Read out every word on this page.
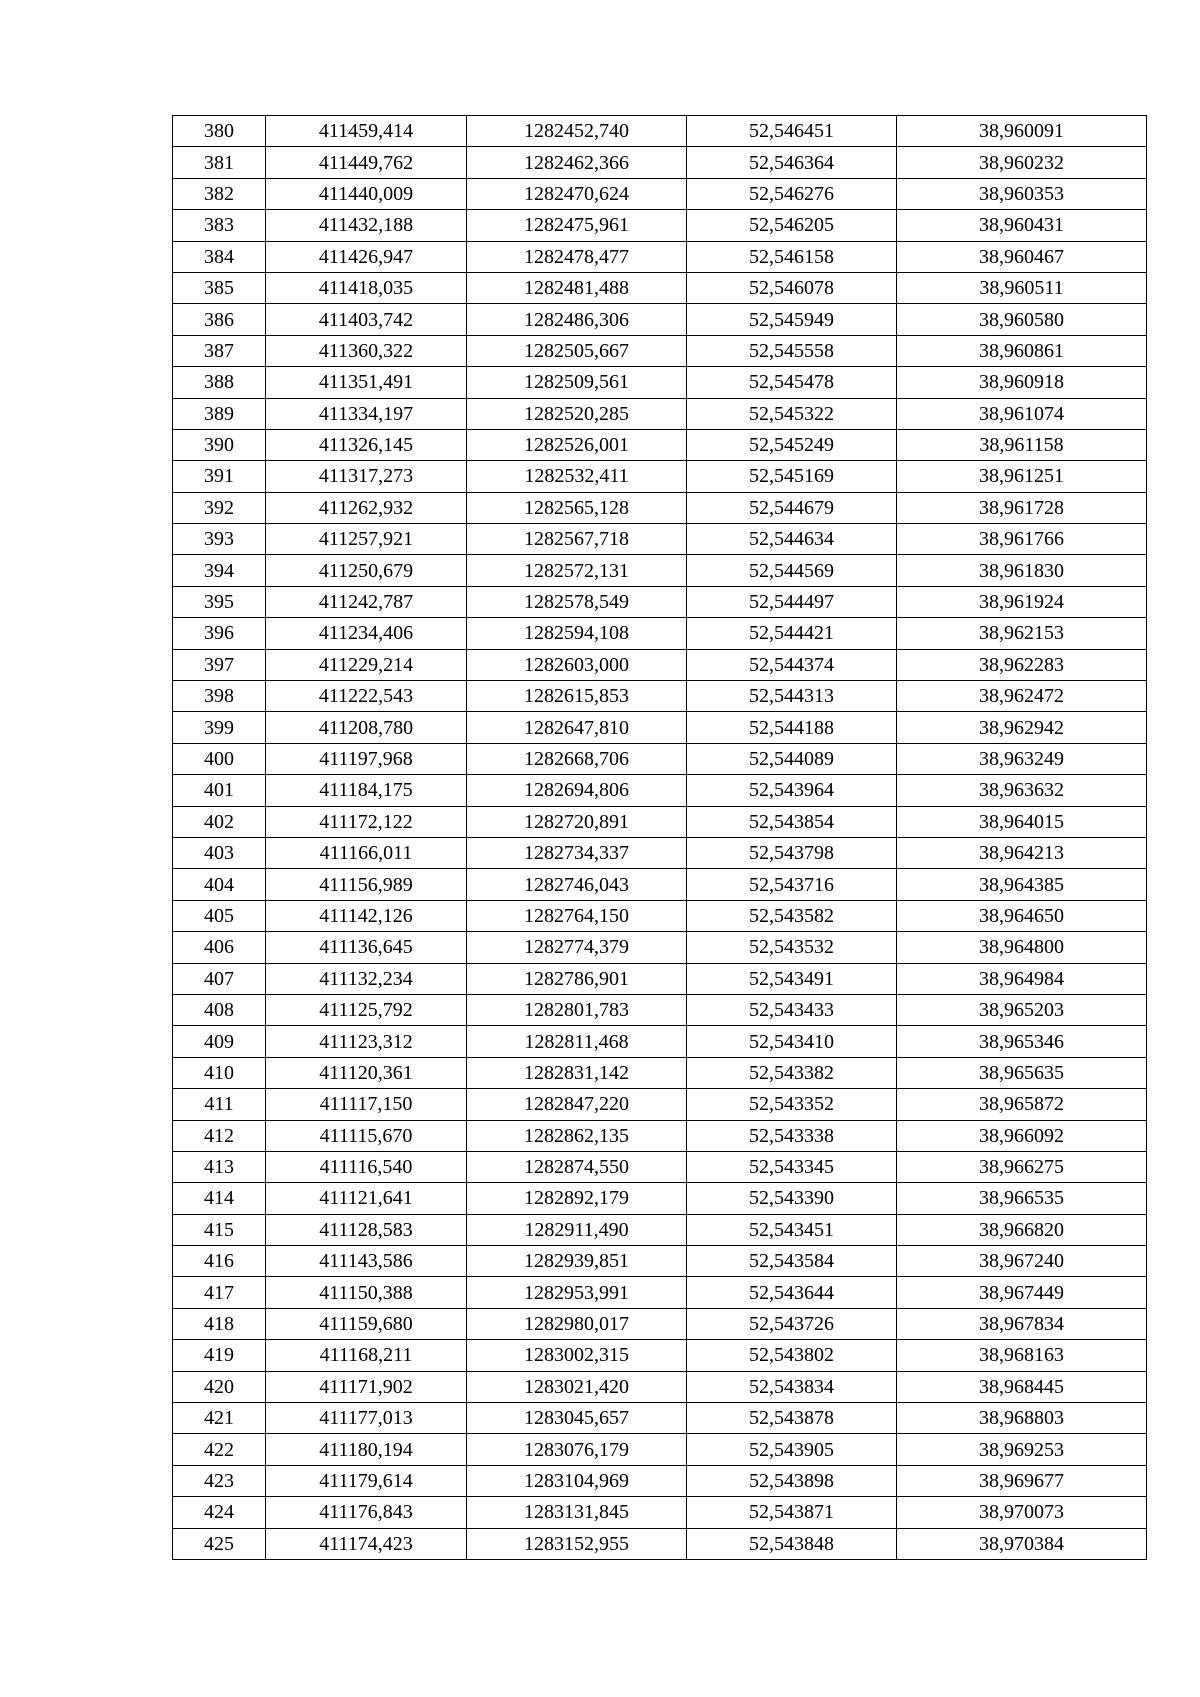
380	411459,414	1282452,740	52,546451	38,960091
381	411449,762	1282462,366	52,546364	38,960232
382	411440,009	1282470,624	52,546276	38,960353
383	411432,188	1282475,961	52,546205	38,960431
384	411426,947	1282478,477	52,546158	38,960467
385	411418,035	1282481,488	52,546078	38,960511
386	411403,742	1282486,306	52,545949	38,960580
387	411360,322	1282505,667	52,545558	38,960861
388	411351,491	1282509,561	52,545478	38,960918
389	411334,197	1282520,285	52,545322	38,961074
390	411326,145	1282526,001	52,545249	38,961158
391	411317,273	1282532,411	52,545169	38,961251
392	411262,932	1282565,128	52,544679	38,961728
393	411257,921	1282567,718	52,544634	38,961766
394	411250,679	1282572,131	52,544569	38,961830
395	411242,787	1282578,549	52,544497	38,961924
396	411234,406	1282594,108	52,544421	38,962153
397	411229,214	1282603,000	52,544374	38,962283
398	411222,543	1282615,853	52,544313	38,962472
399	411208,780	1282647,810	52,544188	38,962942
400	411197,968	1282668,706	52,544089	38,963249
401	411184,175	1282694,806	52,543964	38,963632
402	411172,122	1282720,891	52,543854	38,964015
403	411166,011	1282734,337	52,543798	38,964213
404	411156,989	1282746,043	52,543716	38,964385
405	411142,126	1282764,150	52,543582	38,964650
406	411136,645	1282774,379	52,543532	38,964800
407	411132,234	1282786,901	52,543491	38,964984
408	411125,792	1282801,783	52,543433	38,965203
409	411123,312	1282811,468	52,543410	38,965346
410	411120,361	1282831,142	52,543382	38,965635
411	411117,150	1282847,220	52,543352	38,965872
412	411115,670	1282862,135	52,543338	38,966092
413	411116,540	1282874,550	52,543345	38,966275
414	411121,641	1282892,179	52,543390	38,966535
415	411128,583	1282911,490	52,543451	38,966820
416	411143,586	1282939,851	52,543584	38,967240
417	411150,388	1282953,991	52,543644	38,967449
418	411159,680	1282980,017	52,543726	38,967834
419	411168,211	1283002,315	52,543802	38,968163
420	411171,902	1283021,420	52,543834	38,968445
421	411177,013	1283045,657	52,543878	38,968803
422	411180,194	1283076,179	52,543905	38,969253
423	411179,614	1283104,969	52,543898	38,969677
424	411176,843	1283131,845	52,543871	38,970073
425	411174,423	1283152,955	52,543848	38,970384
